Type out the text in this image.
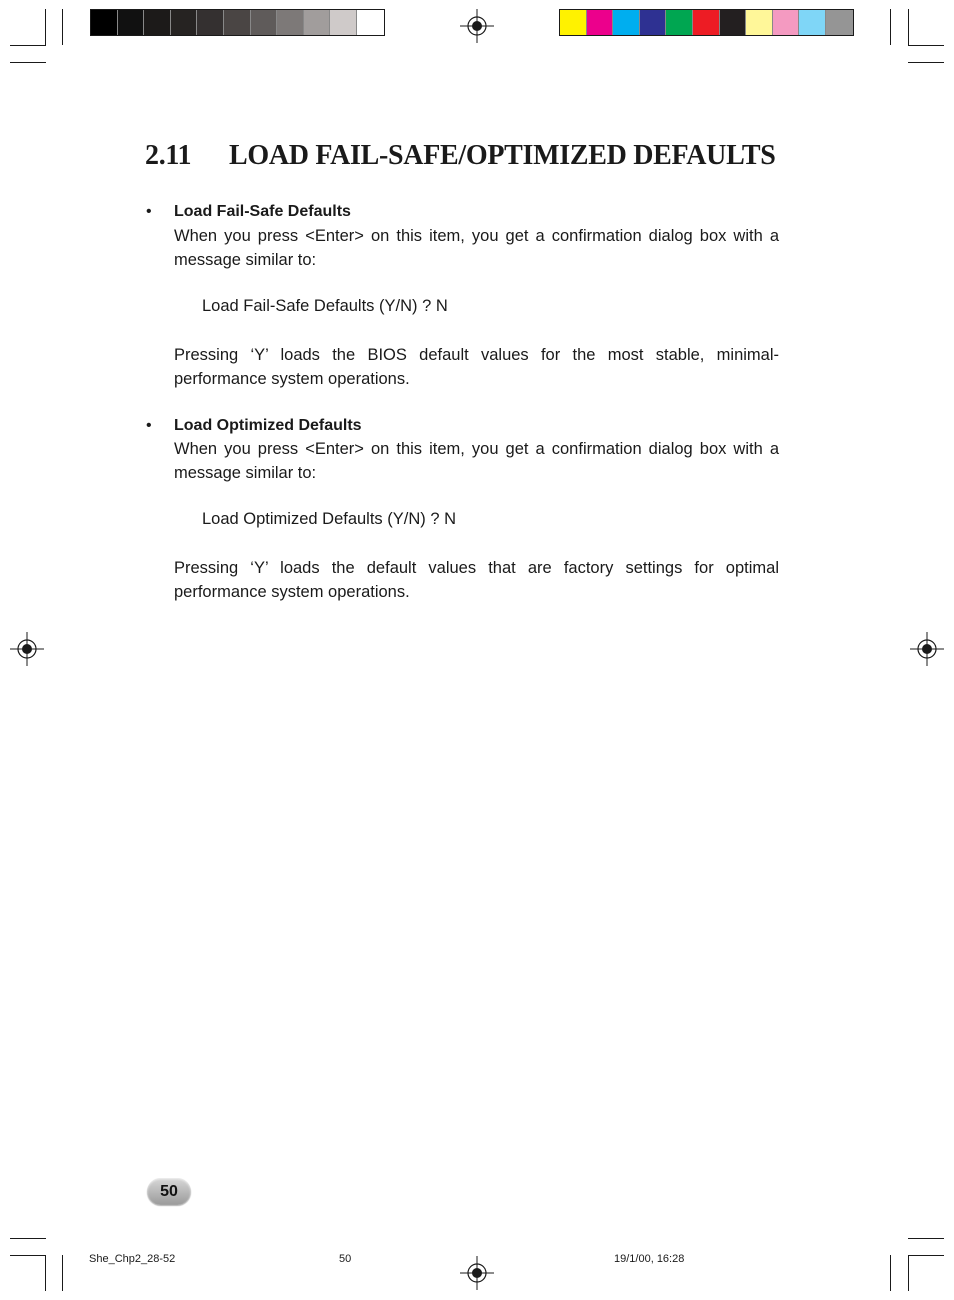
2.11 LOAD FAIL-SAFE/OPTIMIZED DEFAULTS
• Load Fail-Safe Defaults
When you press <Enter> on this item, you get a confirmation dialog box with a message similar to:
Load Fail-Safe Defaults (Y/N) ? N
Pressing ‘Y’ loads the BIOS default values for the most stable, minimal-performance system operations.
• Load Optimized Defaults
When you press <Enter> on this item, you get a confirmation dialog box with a message similar to:
Load Optimized Defaults (Y/N) ? N
Pressing ‘Y’ loads the default values that are factory settings for optimal performance system operations.
50
She_Chp2_28-52	50	19/1/00, 16:28
